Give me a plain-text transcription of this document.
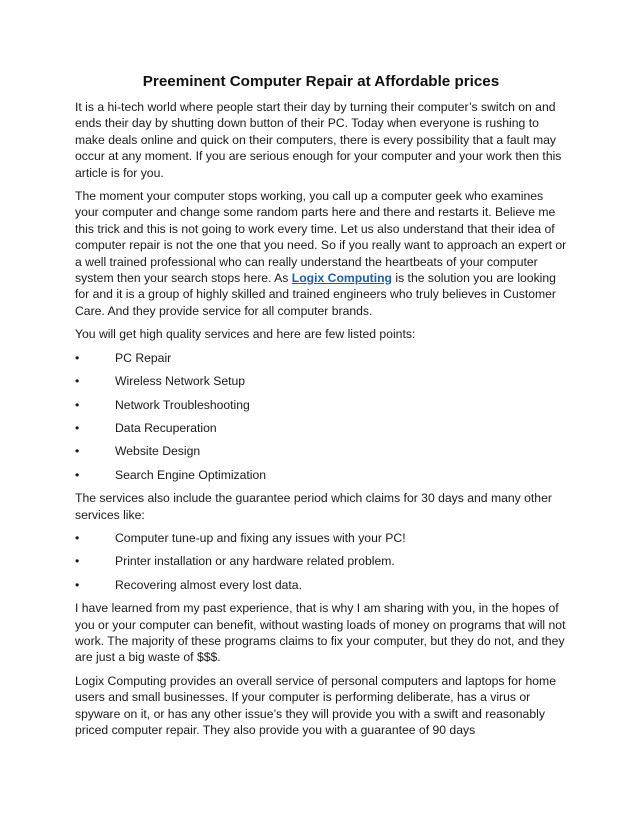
Preeminent Computer Repair at Affordable prices

It is a hi-tech world where people start their day by turning their computer’s switch on and ends their day by shutting down button of their PC. Today when everyone is rushing to make deals online and quick on their computers, there is every possibility that a fault may occur at any moment. If you are serious enough for your computer and your work then this article is for you.

The moment your computer stops working, you call up a computer geek who examines your computer and change some random parts here and there and restarts it. Believe me this trick and this is not going to work every time. Let us also understand that their idea of computer repair is not the one that you need. So if you really want to approach an expert or a well trained professional who can really understand the heartbeats of your computer system then your search stops here. As Logix Computing is the solution you are looking for and it is a group of highly skilled and trained engineers who truly believes in Customer Care. And they provide service for all computer brands.

You will get high quality services and here are few listed points:

•	PC Repair
•	Wireless Network Setup
•	Network Troubleshooting
•	Data Recuperation
•	Website Design
•	Search Engine Optimization

The services also include the guarantee period which claims for 30 days and many other services like:

•	Computer tune-up and fixing any issues with your PC!
•	Printer installation or any hardware related problem.
•	Recovering almost every lost data.

I have learned from my past experience, that is why I am sharing with you, in the hopes of you or your computer can benefit, without wasting loads of money on programs that will not work. The majority of these programs claims to fix your computer, but they do not, and they are just a big waste of $$$.

Logix Computing provides an overall service of personal computers and laptops for home users and small businesses. If your computer is performing deliberate, has a virus or spyware on it, or has any other issue’s they will provide you with a swift and reasonably priced computer repair. They also provide you with a guarantee of 90 days
